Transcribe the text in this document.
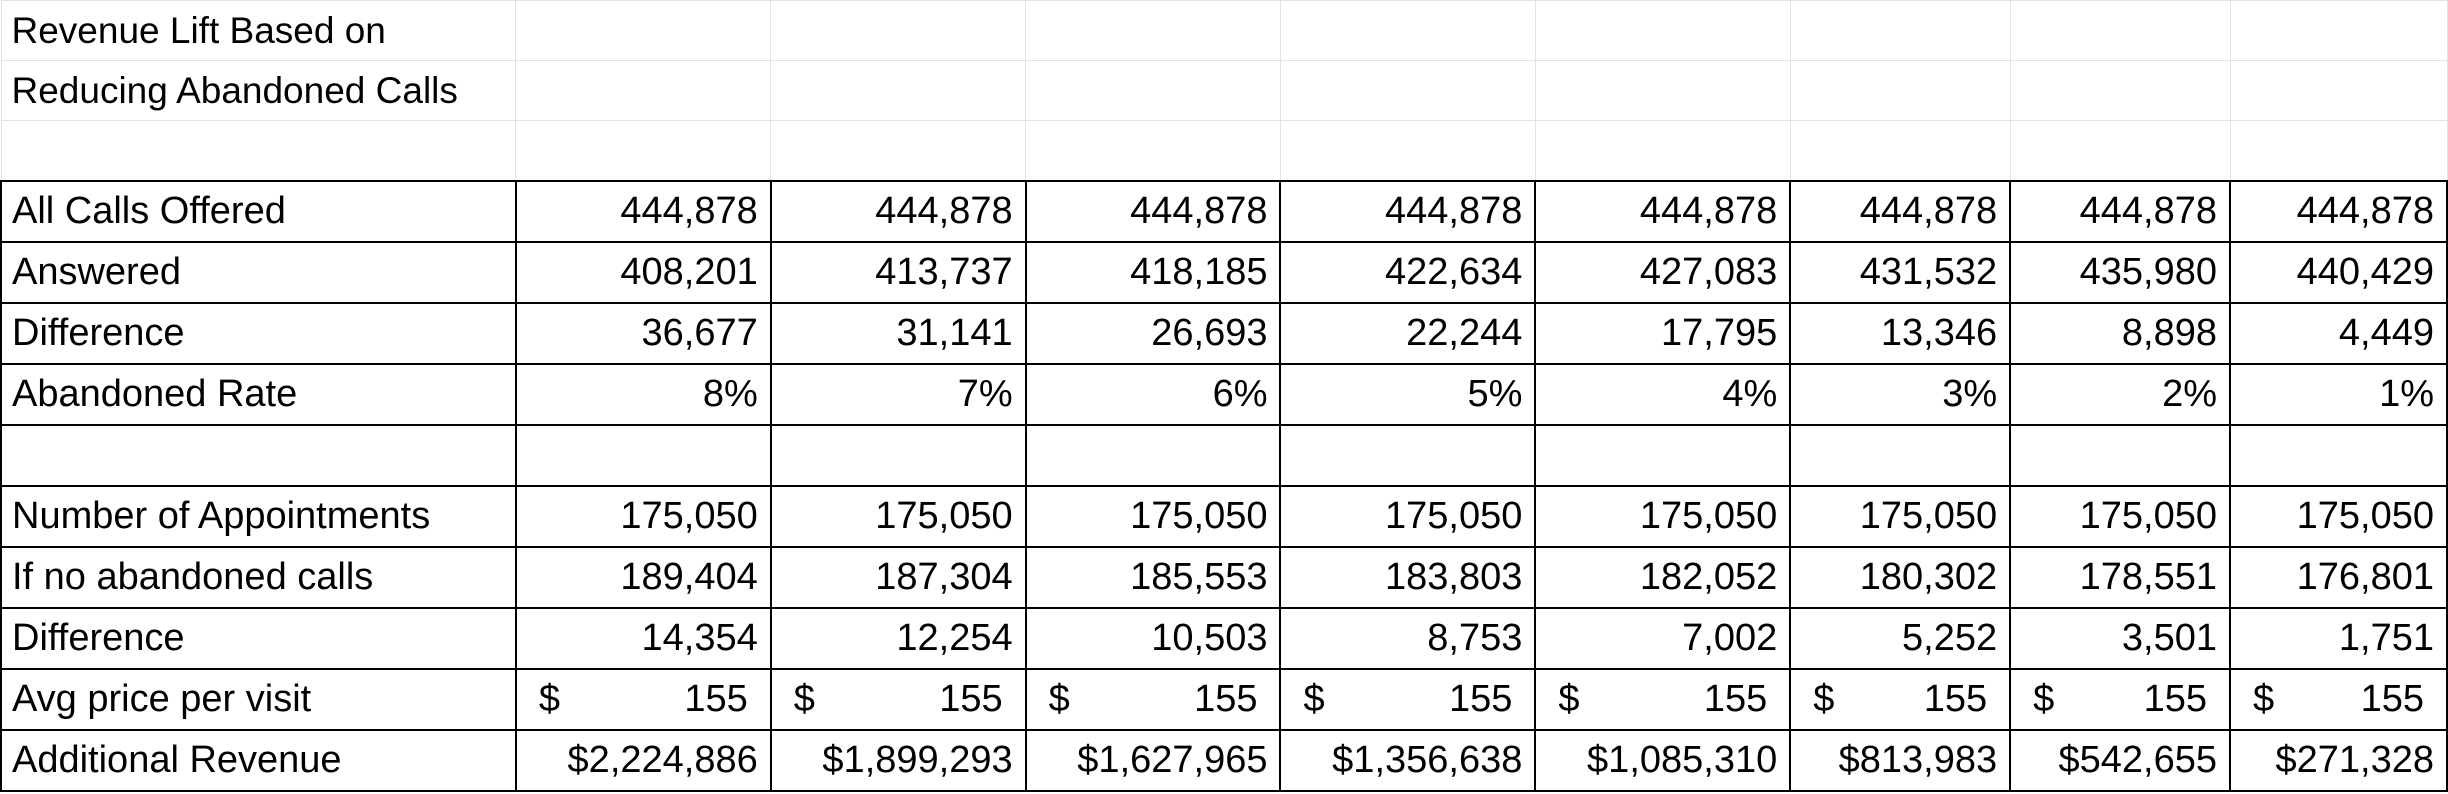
Revenue Lift Based on								
Reducing Abandoned Calls								

All Calls Offered	444,878	444,878	444,878	444,878	444,878	444,878	444,878	444,878
Answered	408,201	413,737	418,185	422,634	427,083	431,532	435,980	440,429
Difference	36,677	31,141	26,693	22,244	17,795	13,346	8,898	4,449
Abandoned Rate	8%	7%	6%	5%	4%	3%	2%	1%

Number of Appointments	175,050	175,050	175,050	175,050	175,050	175,050	175,050	175,050
If no abandoned calls	189,404	187,304	185,553	183,803	182,052	180,302	178,551	176,801
Difference	14,354	12,254	10,503	8,753	7,002	5,252	3,501	1,751
Avg price per visit	$ 155	$ 155	$ 155	$ 155	$ 155	$ 155	$ 155	$ 155

Additional Revenue	$2,224,886	$1,899,293	$1,627,965	$1,356,638	$1,085,310	$813,983	$542,655	$271,328
